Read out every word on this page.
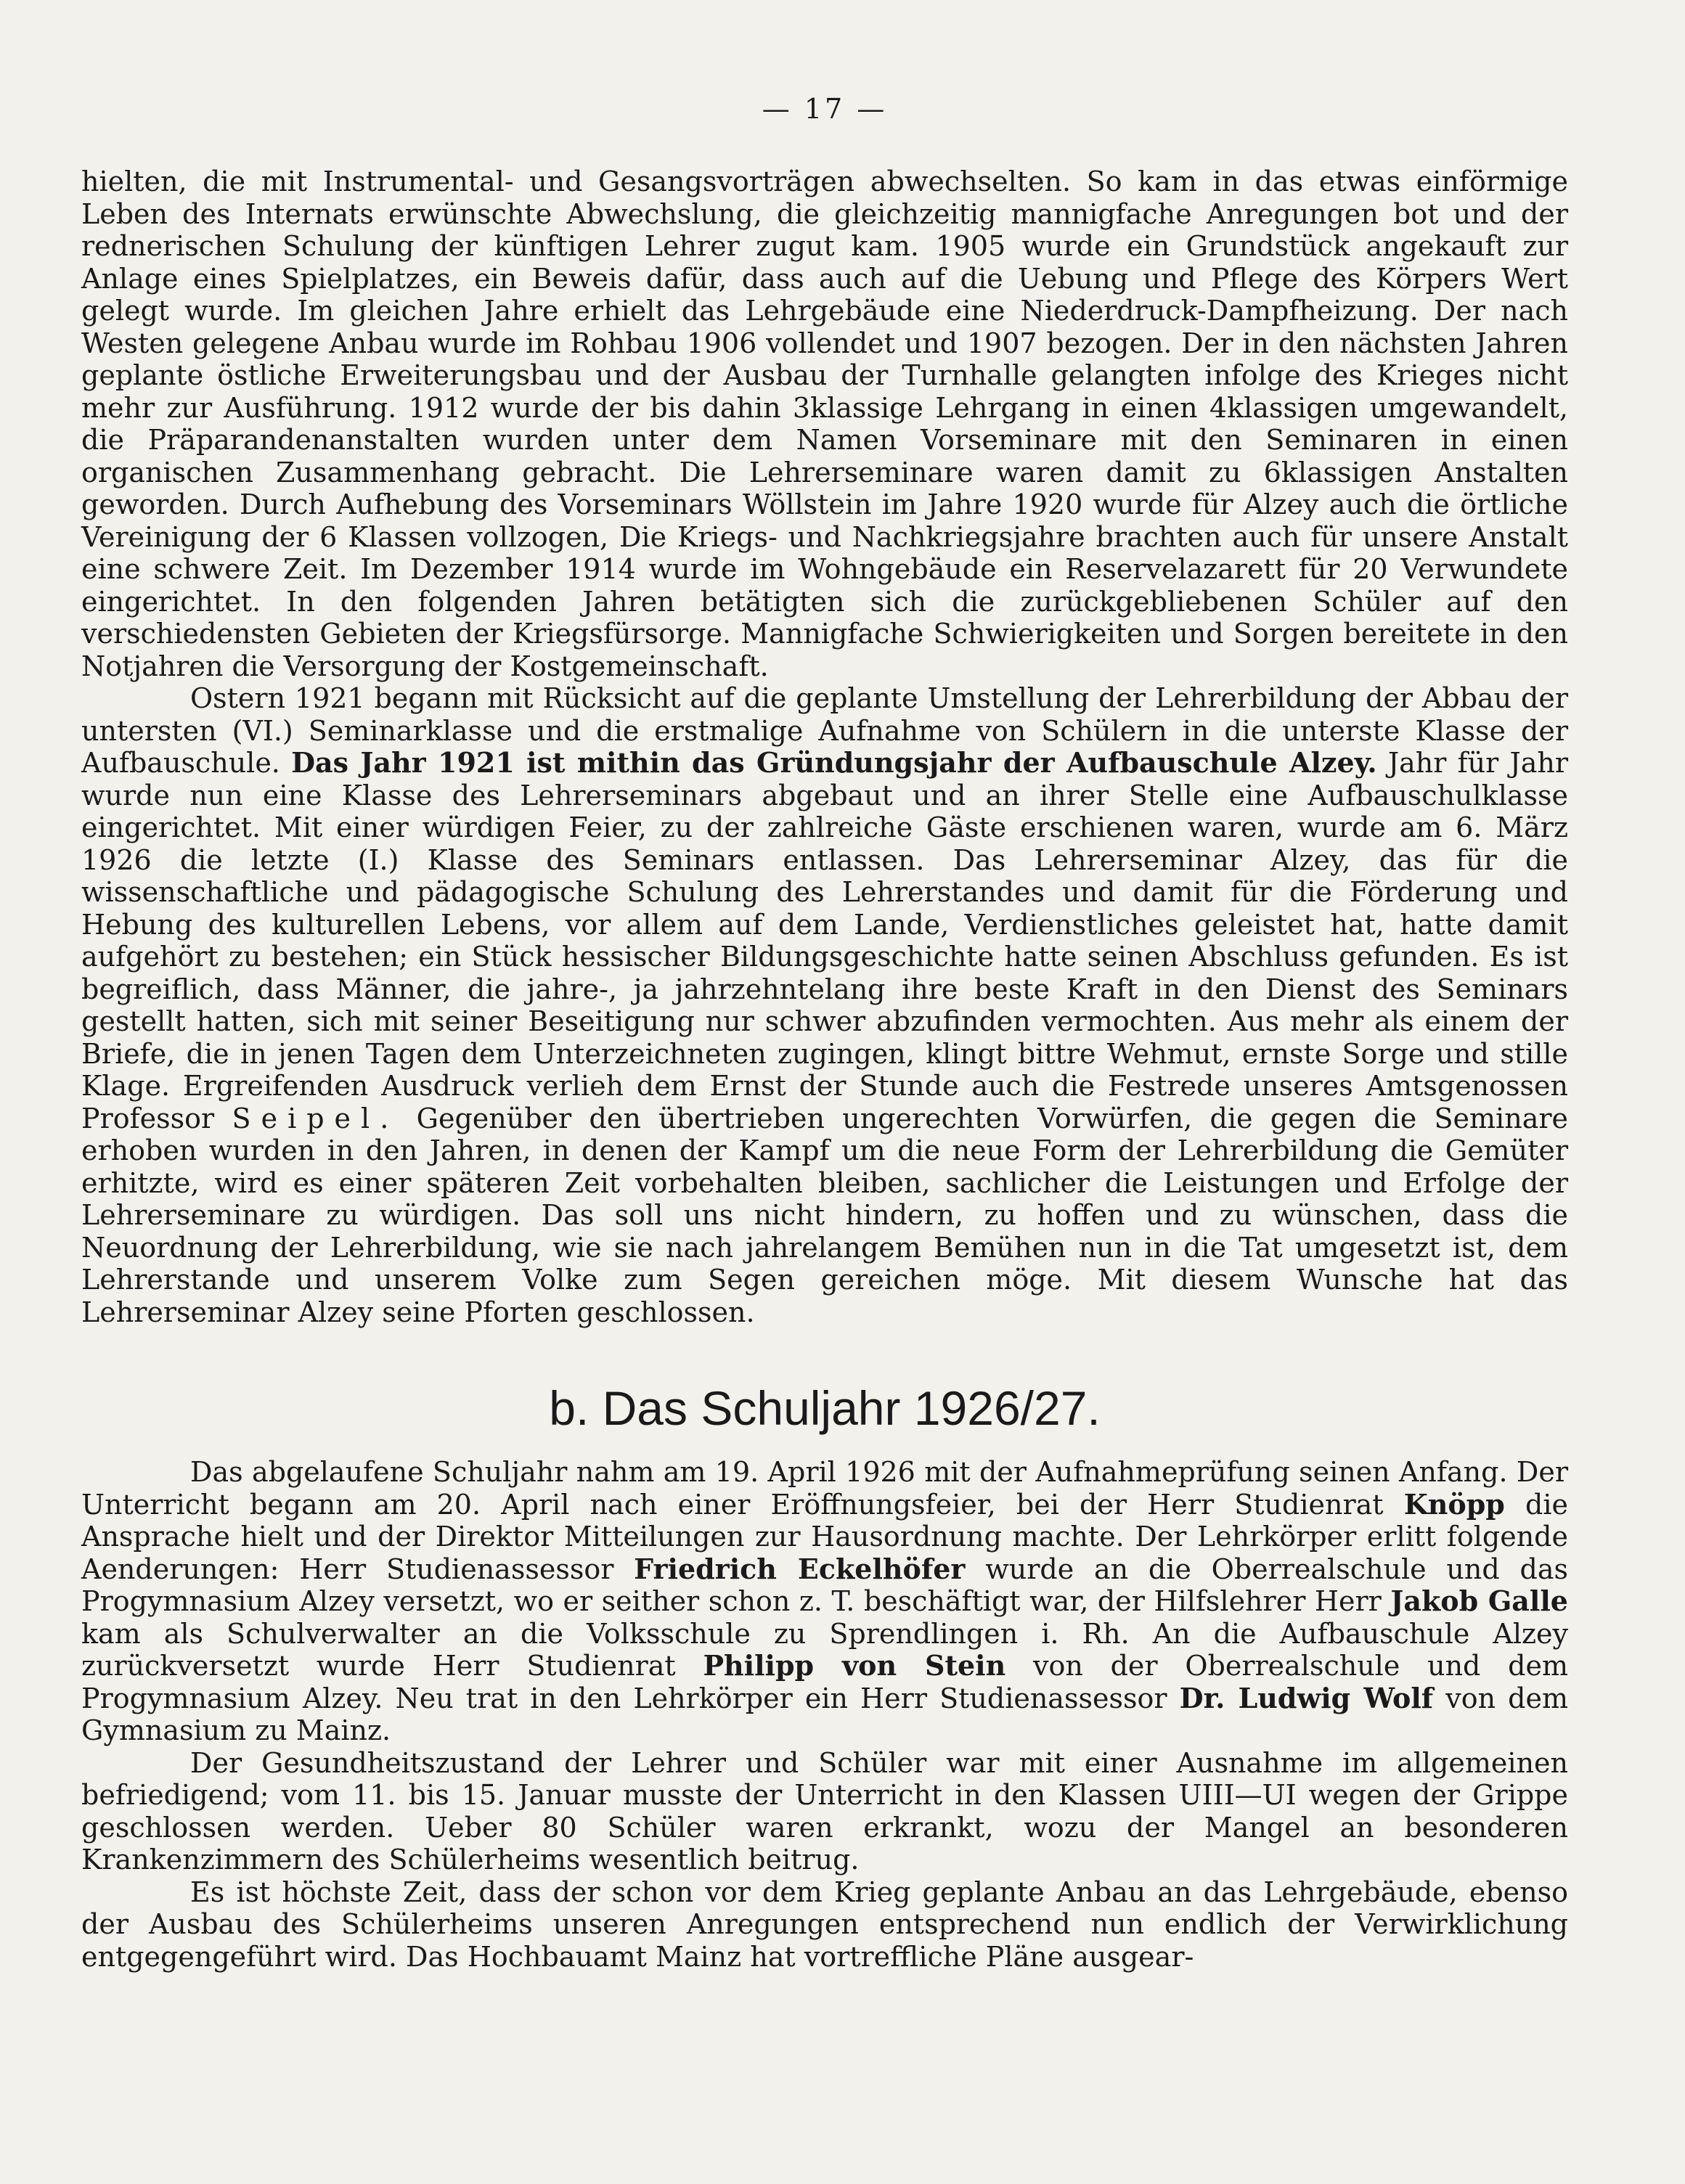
— 17 —

hielten, die mit Instrumental- und Gesangsvorträgen abwechselten. So kam in das etwas einförmige Leben des Internats erwünschte Abwechslung, die gleichzeitig mannigfache Anregungen bot und der rednerischen Schulung der künftigen Lehrer zugut kam. 1905 wurde ein Grundstück angekauft zur Anlage eines Spielplatzes, ein Beweis dafür, dass auch auf die Uebung und Pflege des Körpers Wert gelegt wurde. Im gleichen Jahre erhielt das Lehrgebäude eine Niederdruck-Dampfheizung. Der nach Westen gelegene Anbau wurde im Rohbau 1906 vollendet und 1907 bezogen. Der in den nächsten Jahren geplante östliche Erweiterungsbau und der Ausbau der Turnhalle gelangten infolge des Krieges nicht mehr zur Ausführung. 1912 wurde der bis dahin 3klassige Lehrgang in einen 4klassigen umgewandelt, die Präparandenanstalten wurden unter dem Namen Vorseminare mit den Seminaren in einen organischen Zusammenhang gebracht. Die Lehrerseminare waren damit zu 6klassigen Anstalten geworden. Durch Aufhebung des Vorseminars Wöllstein im Jahre 1920 wurde für Alzey auch die örtliche Vereinigung der 6 Klassen vollzogen, Die Kriegs- und Nachkriegsjahre brachten auch für unsere Anstalt eine schwere Zeit. Im Dezember 1914 wurde im Wohngebäude ein Reservelazarett für 20 Verwundete eingerichtet. In den folgenden Jahren betätigten sich die zurückgebliebenen Schüler auf den verschiedensten Gebieten der Kriegsfürsorge. Mannigfache Schwierigkeiten und Sorgen bereitete in den Notjahren die Versorgung der Kostgemeinschaft.

Ostern 1921 begann mit Rücksicht auf die geplante Umstellung der Lehrerbildung der Abbau der untersten (VI.) Seminarklasse und die erstmalige Aufnahme von Schülern in die unterste Klasse der Aufbauschule. Das Jahr 1921 ist mithin das Gründungsjahr der Aufbauschule Alzey. Jahr für Jahr wurde nun eine Klasse des Lehrerseminars abgebaut und an ihrer Stelle eine Aufbauschulklasse eingerichtet. Mit einer würdigen Feier, zu der zahlreiche Gäste erschienen waren, wurde am 6. März 1926 die letzte (I.) Klasse des Seminars entlassen. Das Lehrerseminar Alzey, das für die wissenschaftliche und pädagogische Schulung des Lehrerstandes und damit für die Förderung und Hebung des kulturellen Lebens, vor allem auf dem Lande, Verdienstliches geleistet hat, hatte damit aufgehört zu bestehen; ein Stück hessischer Bildungsgeschichte hatte seinen Abschluss gefunden. Es ist begreiflich, dass Männer, die jahre-, ja jahrzehntelang ihre beste Kraft in den Dienst des Seminars gestellt hatten, sich mit seiner Beseitigung nur schwer abzufinden vermochten. Aus mehr als einem der Briefe, die in jenen Tagen dem Unterzeichneten zugingen, klingt bittre Wehmut, ernste Sorge und stille Klage. Ergreifenden Ausdruck verlieh dem Ernst der Stunde auch die Festrede unseres Amtsgenossen Professor Seipel. Gegenüber den übertrieben ungerechten Vorwürfen, die gegen die Seminare erhoben wurden in den Jahren, in denen der Kampf um die neue Form der Lehrerbildung die Gemüter erhitzte, wird es einer späteren Zeit vorbehalten bleiben, sachlicher die Leistungen und Erfolge der Lehrerseminare zu würdigen. Das soll uns nicht hindern, zu hoffen und zu wünschen, dass die Neuordnung der Lehrerbildung, wie sie nach jahrelangem Bemühen nun in die Tat umgesetzt ist, dem Lehrerstande und unserem Volke zum Segen gereichen möge. Mit diesem Wunsche hat das Lehrerseminar Alzey seine Pforten geschlossen.

b. Das Schuljahr 1926/27.

Das abgelaufene Schuljahr nahm am 19. April 1926 mit der Aufnahmeprüfung seinen Anfang. Der Unterricht begann am 20. April nach einer Eröffnungsfeier, bei der Herr Studienrat Knöpp die Ansprache hielt und der Direktor Mitteilungen zur Hausordnung machte. Der Lehrkörper erlitt folgende Aenderungen: Herr Studienassessor Friedrich Eckelhöfer wurde an die Oberrealschule und das Progymnasium Alzey versetzt, wo er seither schon z. T. beschäftigt war, der Hilfslehrer Herr Jakob Galle kam als Schulverwalter an die Volksschule zu Sprendlingen i. Rh. An die Aufbauschule Alzey zurückversetzt wurde Herr Studienrat Philipp von Stein von der Oberrealschule und dem Progymnasium Alzey. Neu trat in den Lehrkörper ein Herr Studienassessor Dr. Ludwig Wolf von dem Gymnasium zu Mainz.

Der Gesundheitszustand der Lehrer und Schüler war mit einer Ausnahme im allgemeinen befriedigend; vom 11. bis 15. Januar musste der Unterricht in den Klassen UIII—UI wegen der Grippe geschlossen werden. Ueber 80 Schüler waren erkrankt, wozu der Mangel an besonderen Krankenzimmern des Schülerheims wesentlich beitrug.

Es ist höchste Zeit, dass der schon vor dem Krieg geplante Anbau an das Lehrgebäude, ebenso der Ausbau des Schülerheims unseren Anregungen entsprechend nun endlich der Verwirklichung entgegengeführt wird. Das Hochbauamt Mainz hat vortreffliche Pläne ausgear-
